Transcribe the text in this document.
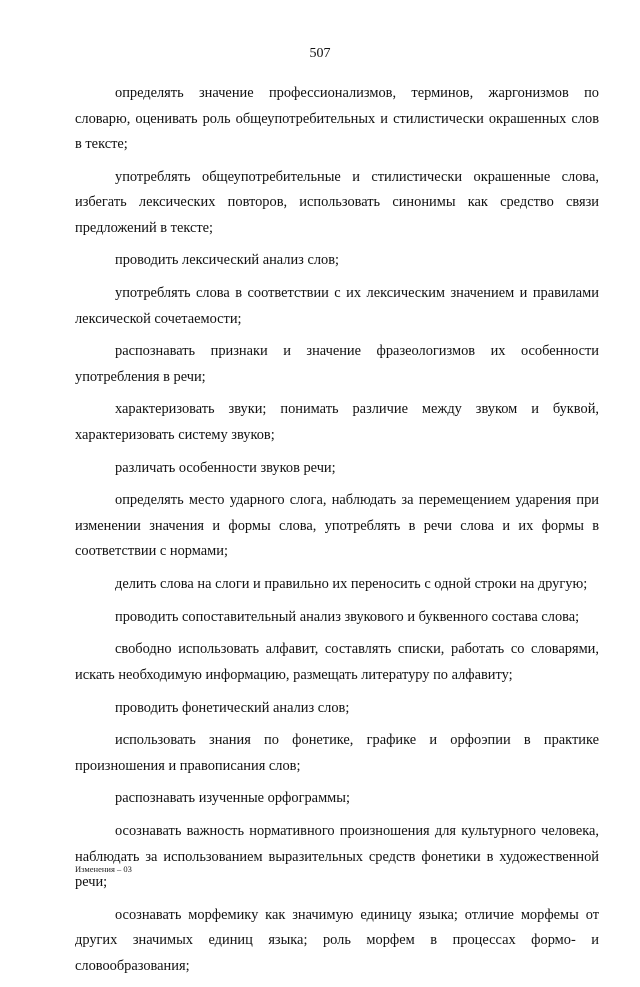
507

определять значение профессионализмов, терминов, жаргонизмов по словарю, оценивать роль общеупотребительных и стилистически окрашенных слов в тексте;

употреблять общеупотребительные и стилистически окрашенные слова, избегать лексических повторов, использовать синонимы как средство связи предложений в тексте;

проводить лексический анализ слов;

употреблять слова в соответствии с их лексическим значением и правилами лексической сочетаемости;

распознавать признаки и значение фразеологизмов их особенности употребления в речи;

характеризовать звуки; понимать различие между звуком и буквой, характеризовать систему звуков;

различать особенности звуков речи;

определять место ударного слога, наблюдать за перемещением ударения при изменении значения и формы слова, употреблять в речи слова и их формы в соответствии с нормами;

делить слова на слоги и правильно их переносить с одной строки на другую;

проводить сопоставительный анализ звукового и буквенного состава слова;

свободно использовать алфавит, составлять списки, работать со словарями, искать необходимую информацию, размещать литературу по алфавиту;

проводить фонетический анализ слов;

использовать знания по фонетике, графике и орфоэпии в практике произношения и правописания слов;

распознавать изученные орфограммы;

осознавать важность нормативного произношения для культурного человека, наблюдать за использованием выразительных средств фонетики в художественной речи;

осознавать морфемику как значимую единицу языка; отличие морфемы от других значимых единиц языка; роль морфем в процессах формо- и словообразования;

Изменения – 03
